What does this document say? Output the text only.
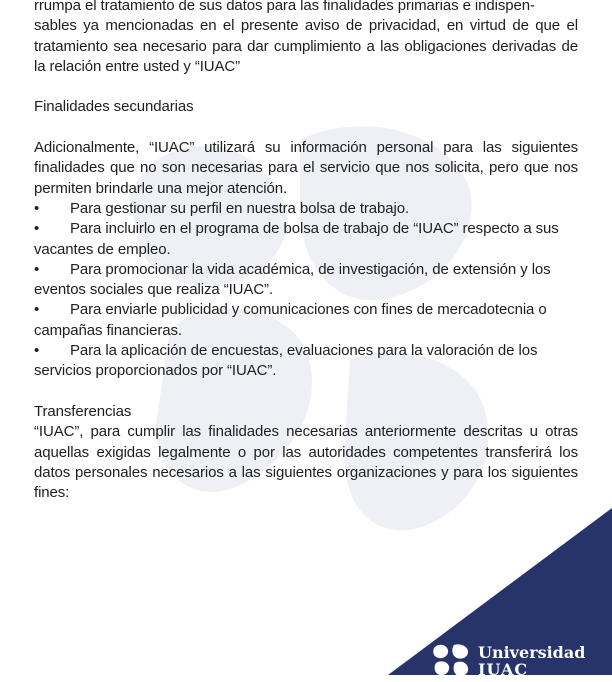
rrumpa el tratamiento de sus datos para las finalidades primarias e indispen-

sables ya mencionadas en el presente aviso de privacidad, en virtud de que el tratamiento sea necesario para dar cumplimiento a las obligaciones derivadas de la relación entre usted y “IUAC”

Finalidades secundarias

Adicionalmente, “IUAC” utilizará su información personal para las siguientes finalidades que no son necesarias para el servicio que nos solicita, pero que nos permiten brindarle una mejor atención.

•	Para gestionar su perfil en nuestra bolsa de trabajo.
•	Para incluirlo en el programa de bolsa de trabajo de “IUAC” respecto a sus
vacantes de empleo.
•	Para promocionar la vida académica, de investigación, de extensión y los
eventos sociales que realiza “IUAC”.
•	Para enviarle publicidad y comunicaciones con fines de mercadotecnia o
campañas financieras.
•	Para la aplicación de encuestas, evaluaciones para la valoración de los
servicios proporcionados por “IUAC”.

Transferencias

“IUAC”, para cumplir las finalidades necesarias anteriormente descritas u otras aquellas exigidas legalmente o por las autoridades competentes transferirá los datos personales necesarios a las siguientes organizaciones y para los siguientes fines:

Universidad
IUAC
